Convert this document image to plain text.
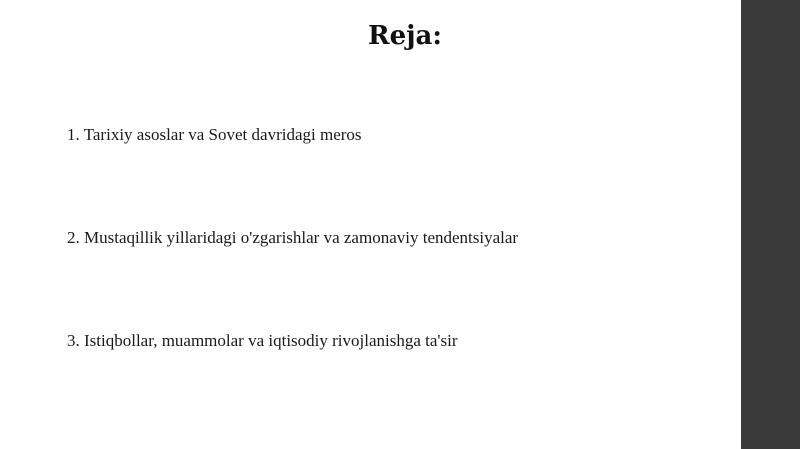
Reja:
1. Tarixiy asoslar va Sovet davridagi meros
2. Mustaqillik yillaridagi o'zgarishlar va zamonaviy tendentsiyalar
3. Istiqbollar, muammolar va iqtisodiy rivojlanishga ta'sir
